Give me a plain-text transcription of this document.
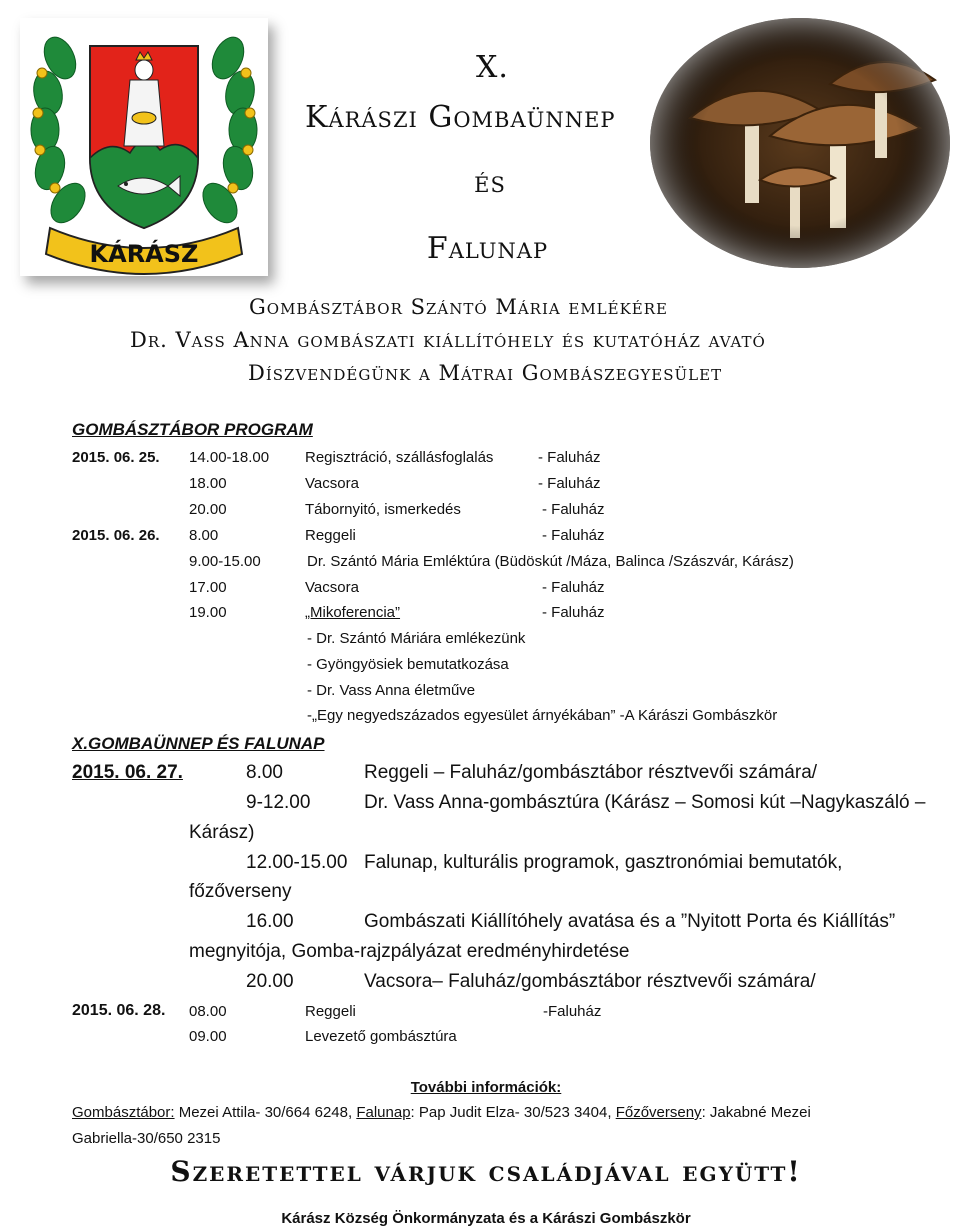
KÁRÁSZ
X.
Kárászi Gombaünnep
és
Falunap
Gombásztábor Szántó Mária emlékére
Dr. Vass Anna gombászati kiállítóhely és kutatóház avató
Díszvendégünk a Mátrai Gombászegyesület
GOMBÁSZTÁBOR PROGRAM
2015. 06. 25. 14.00-18.00 Regisztráció, szállásfoglalás	- Faluház
18.00	Vacsora	- Faluház
20.00	Tábornyitó, ismerkedés	- Faluház
2015. 06. 26. 8.00	Reggeli	- Faluház
9.00-15.00	Dr. Szántó Mária Emléktúra (Büdöskút /Máza, Balinca /Szászvár, Kárász)
17.00	Vacsora	- Faluház
19.00	„Mikoferencia”	- Faluház
- Dr. Szántó Máriára emlékezünk
- Gyöngyösiek bemutatkozása
- Dr. Vass Anna életműve
-„Egy negyedszázados egyesület árnyékában” -A Kárászi Gombászkör
X.GOMBAÜNNEP ÉS FALUNAP
2015. 06. 27.	8.00	Reggeli – Faluház/gombásztábor résztvevői számára/
9-12.00	Dr. Vass Anna-gombásztúra (Kárász – Somosi kút –Nagykaszáló –
Kárász)
12.00-15.00 Falunap, kulturális programok, gasztronómiai bemutatók,
főzőverseny
16.00	Gombászati Kiállítóhely avatása és a ”Nyitott Porta és Kiállítás”
megnyitója, Gomba-rajzpályázat eredményhirdetése
20.00	Vacsora– Faluház/gombásztábor résztvevői számára/
2015. 06. 28. 08.00	Reggeli	-Faluház
09.00	Levezető gombásztúra
További információk:
Gombásztábor: Mezei Attila- 30/664 6248, Falunap: Pap Judit Elza- 30/523 3404, Főzőverseny: Jakabné Mezei
Gabriella-30/650 2315
Szeretettel várjuk családjával együtt!
Kárász Község Önkormányzata és a Kárászi Gombászkör
